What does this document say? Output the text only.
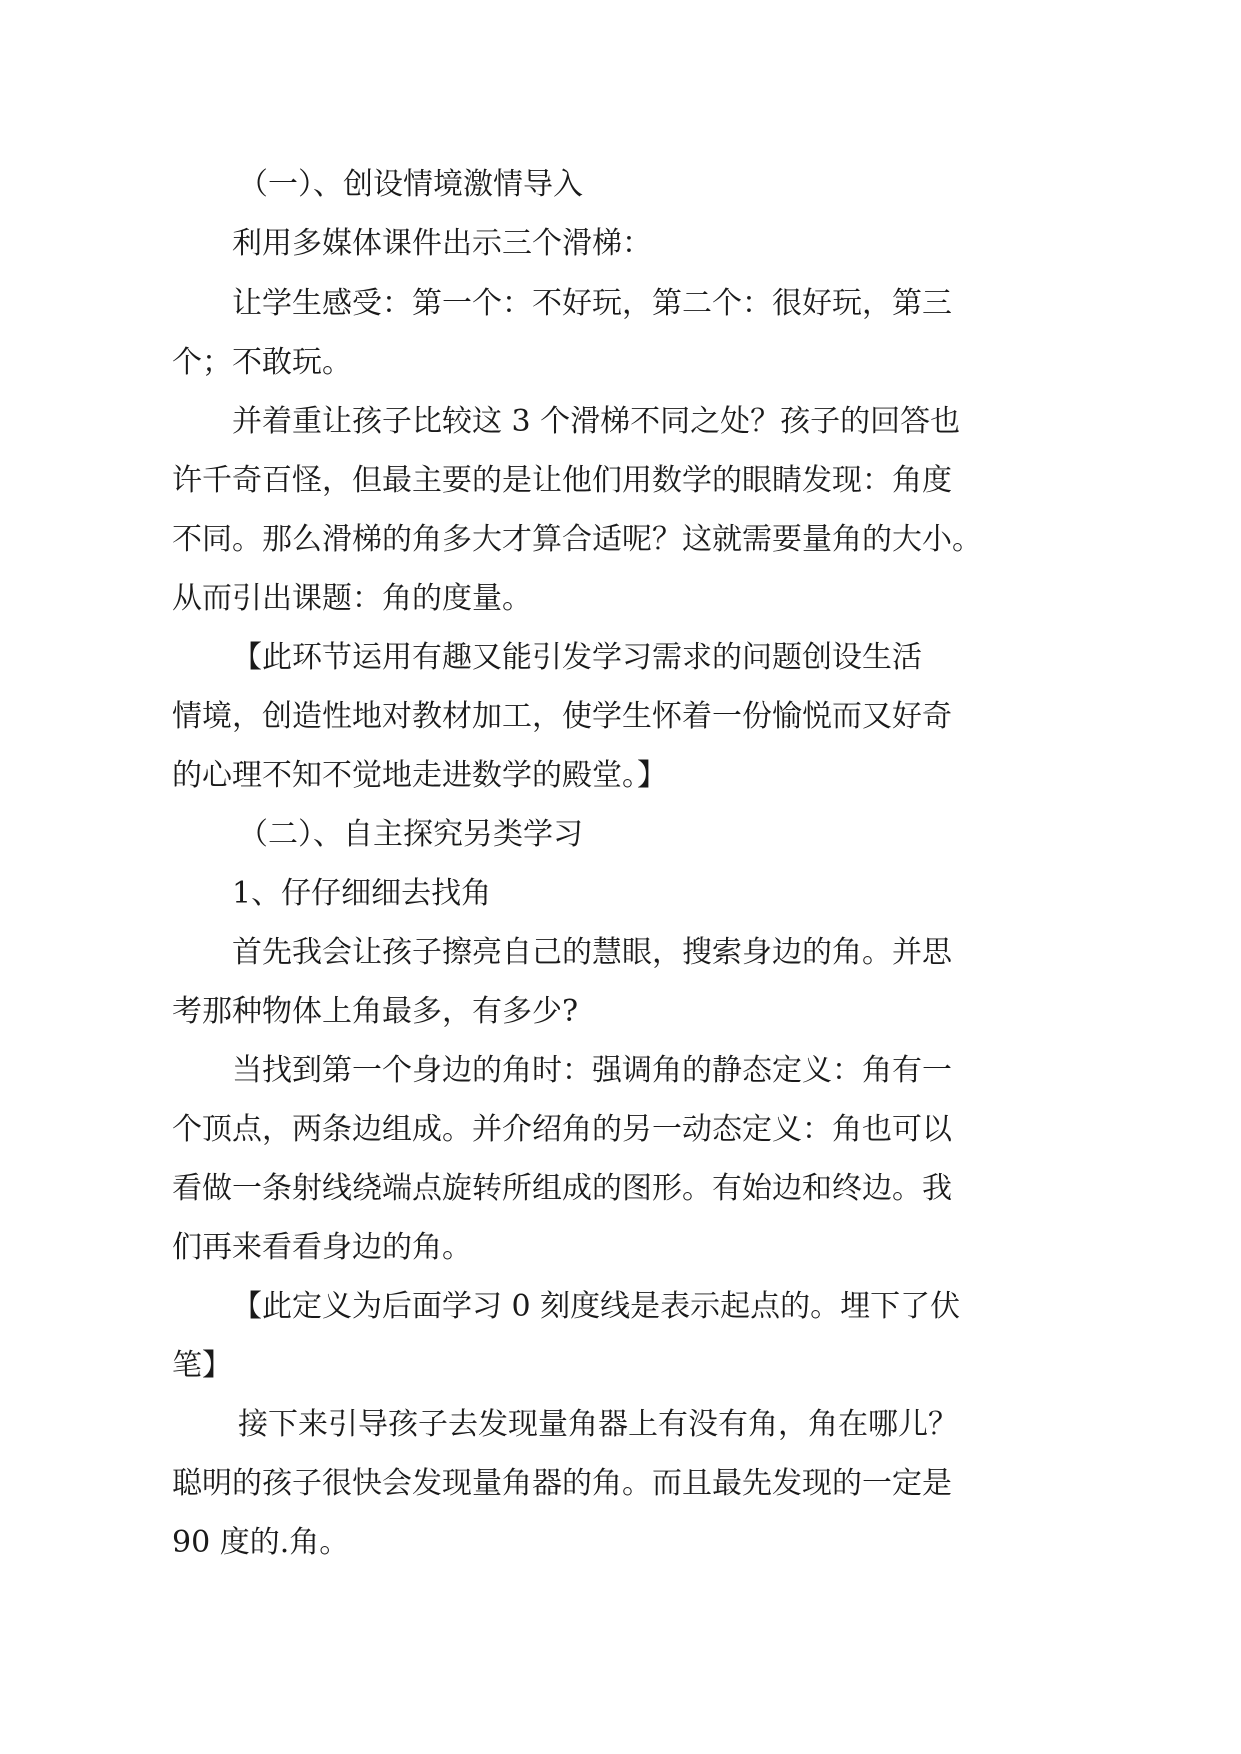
（一）、创设情境激情导入
利用多媒体课件出示三个滑梯：
让学生感受：第一个：不好玩，第二个：很好玩，第三
个；不敢玩。
并着重让孩子比较这 3 个滑梯不同之处？孩子的回答也
许千奇百怪，但最主要的是让他们用数学的眼睛发现：角度
不同。那么滑梯的角多大才算合适呢？这就需要量角的大小。
从而引出课题：角的度量。
【此环节运用有趣又能引发学习需求的问题创设生活
情境，创造性地对教材加工，使学生怀着一份愉悦而又好奇
的心理不知不觉地走进数学的殿堂。】
（二）、自主探究另类学习
1、仔仔细细去找角
首先我会让孩子擦亮自己的慧眼，搜索身边的角。并思
考那种物体上角最多，有多少?
当找到第一个身边的角时：强调角的静态定义：角有一
个顶点，两条边组成。并介绍角的另一动态定义：角也可以
看做一条射线绕端点旋转所组成的图形。有始边和终边。我
们再来看看身边的角。
【此定义为后面学习 0 刻度线是表示起点的。埋下了伏
笔】
接下来引导孩子去发现量角器上有没有角，角在哪儿？
聪明的孩子很快会发现量角器的角。而且最先发现的一定是
90 度的.角。
